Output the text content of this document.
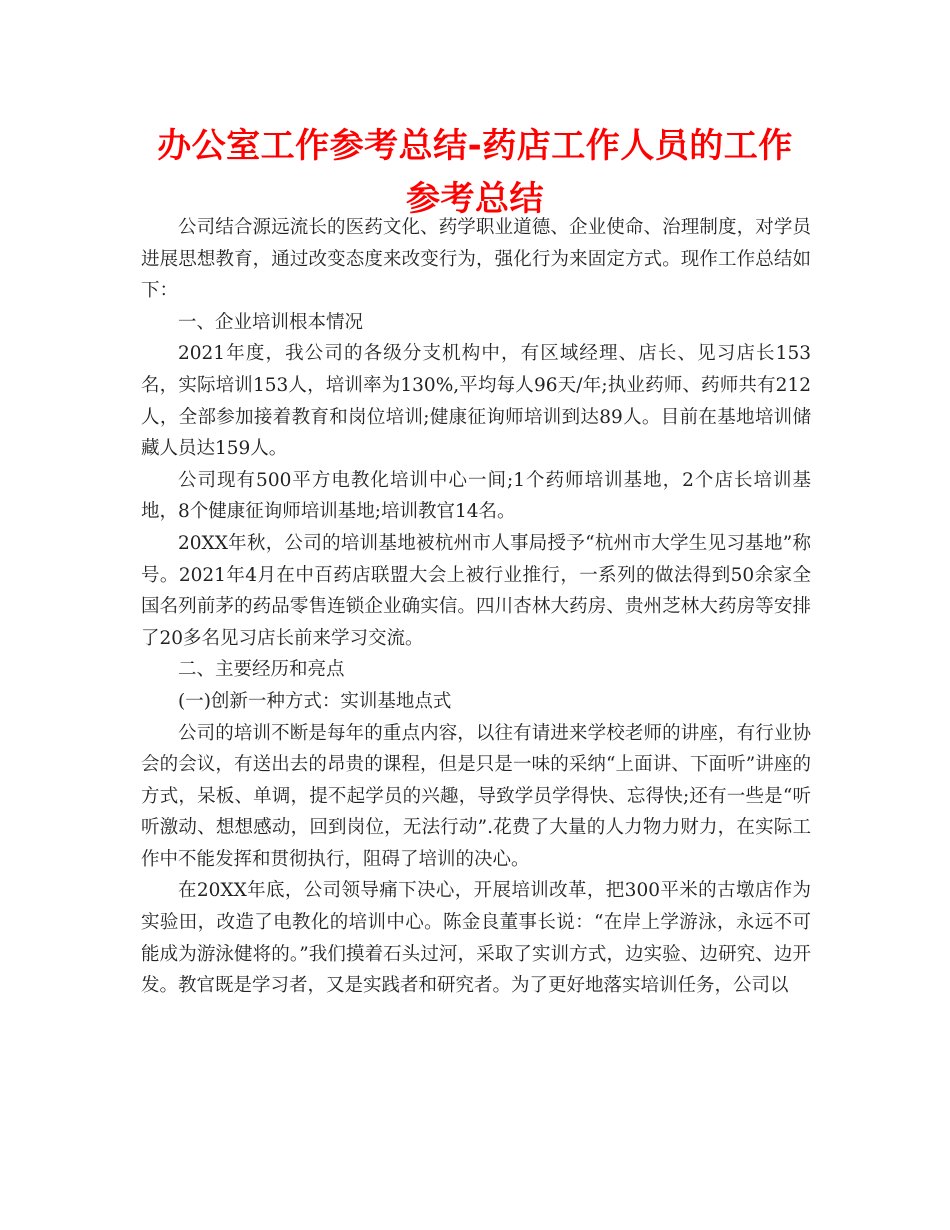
办公室工作参考总结-药店工作人员的工作参考总结

公司结合源远流长的医药文化、药学职业道德、企业使命、治理制度，对学员进展思想教育，通过改变态度来改变行为，强化行为来固定方式。现作工作总结如下：

一、企业培训根本情况

2021年度，我公司的各级分支机构中，有区域经理、店长、见习店长153名，实际培训153人，培训率为130%,平均每人96天/年;执业药师、药师共有212人，全部参加接着教育和岗位培训;健康征询师培训到达89人。目前在基地培训储藏人员达159人。

公司现有500平方电教化培训中心一间;1个药师培训基地，2个店长培训基地，8个健康征询师培训基地;培训教官14名。

20XX年秋，公司的培训基地被杭州市人事局授予“杭州市大学生见习基地”称号。2021年4月在中百药店联盟大会上被行业推行，一系列的做法得到50余家全国名列前茅的药品零售连锁企业确实信。四川杏林大药房、贵州芝林大药房等安排了20多名见习店长前来学习交流。

二、主要经历和亮点

(一)创新一种方式：实训基地点式

公司的培训不断是每年的重点内容，以往有请进来学校老师的讲座，有行业协会的会议，有送出去的昂贵的课程，但是只是一味的采纳“上面讲、下面听”讲座的方式，呆板、单调，提不起学员的兴趣，导致学员学得快、忘得快;还有一些是“听听激动、想想感动，回到岗位，无法行动”.花费了大量的人力物力财力，在实际工作中不能发挥和贯彻执行，阻碍了培训的决心。

在20XX年底，公司领导痛下决心，开展培训改革，把300平米的古墩店作为实验田，改造了电教化的培训中心。陈金良董事长说：“在岸上学游泳，永远不可能成为游泳健将的。”我们摸着石头过河，采取了实训方式，边实验、边研究、边开发。教官既是学习者，又是实践者和研究者。为了更好地落实培训任务，公司以
